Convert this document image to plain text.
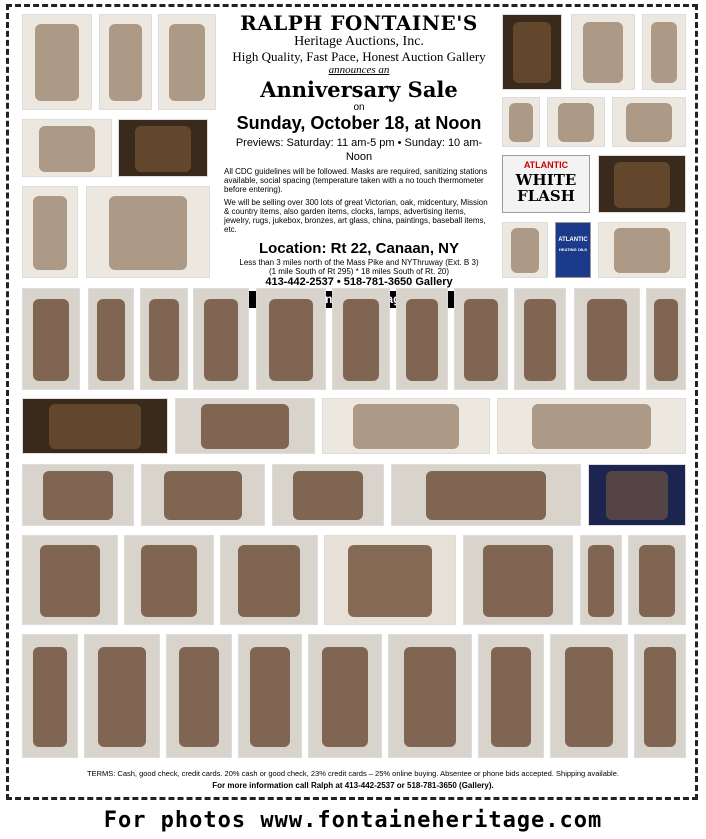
ATLANTIC
WHITE FLASH
ATLANTIC
HEATING OILS
RALPH FONTAINE'S
Heritage Auctions, Inc.
High Quality, Fast Pace, Honest Auction Gallery
announces an
Anniversary Sale
on
Sunday, October 18, at Noon
Previews: Saturday: 11 am-5 pm • Sunday: 10 am-Noon
All CDC guidelines will be followed. Masks are required, sanitizing stations available, social spacing (temperature taken with a no touch thermometer before entering).
We will be selling over 300 lots of great Victorian, oak, midcentury, Mission & country items, also garden items, clocks, lamps, advertising items, jewelry, rugs, jukebox, bronzes, art glass, china, paintings, baseball items, etc.
Location: Rt 22, Canaan, NY
Less than 3 miles north of the Mass Pike and NYThruway (Ext. B 3)
(1 mile South of Rt 295) * 18 miles South of Rt. 20)
413-442-2537 • 518-781-3650 Gallery
TERMS: Cash, good check, credit cards. 20% cash or good check, 23% credit cards – 25% online buying. Absentee or phone bids accepted. Shipping available.
For more information call Ralph at 413-442-2537 or 518-781-3650 (Gallery).
For photos www.fontaineheritage.com
